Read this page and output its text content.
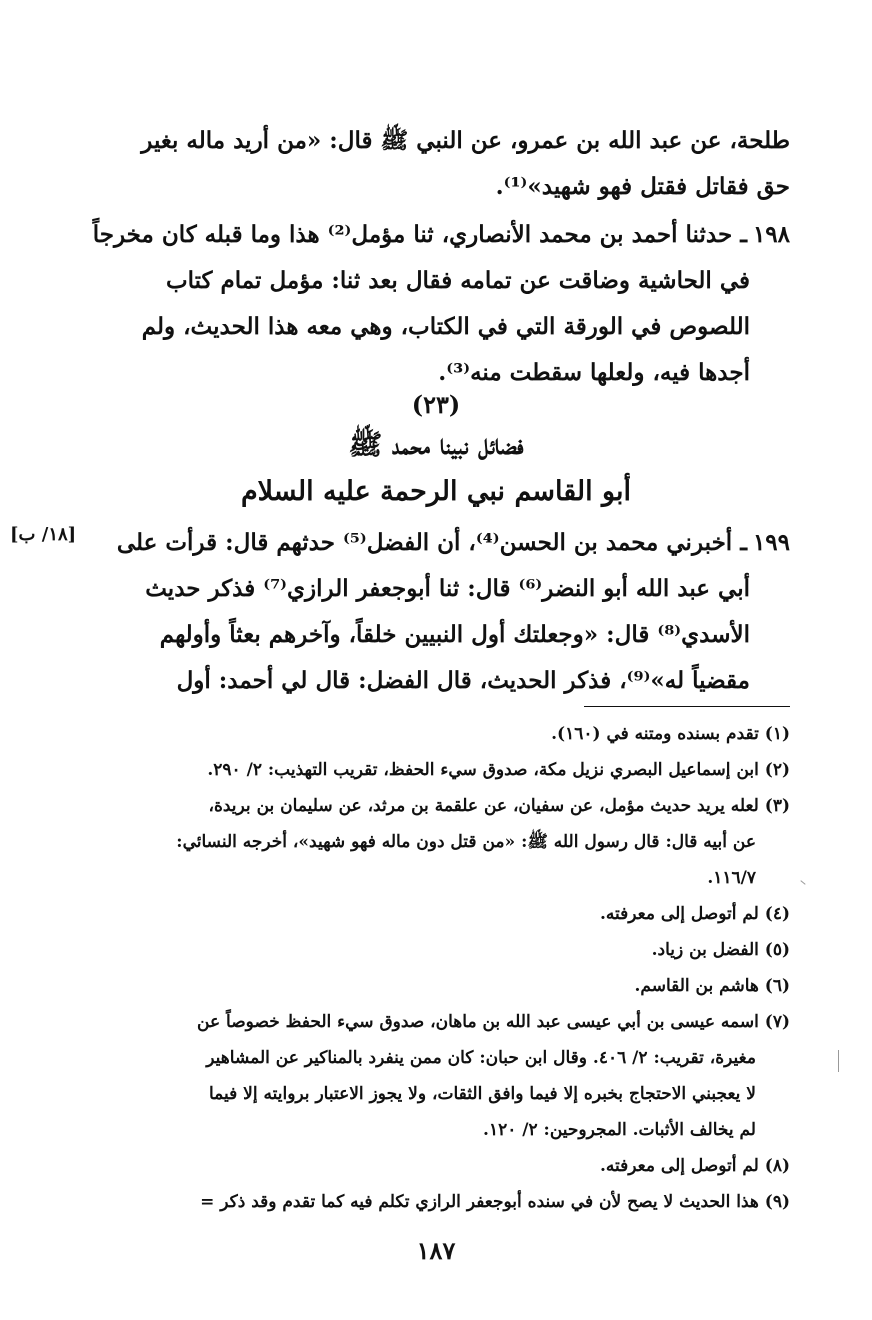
طلحة، عن عبد الله بن عمرو، عن النبي ﷺ قال: «من أريد ماله بغير
حق فقاتل فقتل فهو شهيد»⁽¹⁾.
١٩٨ـ حدثنا أحمد بن محمد الأنصاري، ثنا مؤمل⁽²⁾ هذا وما قبله كان مخرجاً
في الحاشية وضاقت عن تمامه فقال بعد ثنا: مؤمل تمام كتاب
اللصوص في الورقة التي في الكتاب، وهي معه هذا الحديث، ولم
أجدها فيه، ولعلها سقطت منه⁽³⁾.
(٢٣)
فضائل نبينا محمد ﷺ
أبو القاسم نبي الرحمة عليه السلام
[١٨/ ب]	١٩٩ـ أخبرني محمد بن الحسن⁽⁴⁾، أن الفضل⁽⁵⁾ حدثهم قال: قرأت على
أبي عبد الله أبو النضر⁽⁶⁾ قال: ثنا أبوجعفر الرازي⁽⁷⁾ فذكر حديث
الأسدي⁽⁸⁾ قال: «وجعلتك أول النبيين خلقاً، وآخرهم بعثاً وأولهم
مقضياً له»⁽⁹⁾، فذكر الحديث، قال الفضل: قال لي أحمد: أول
(١) تقدم بسنده ومتنه في (١٦٠).
(٢) ابن إسماعيل البصري نزيل مكة، صدوق سيء الحفظ، تقريب التهذيب: ٢/ ٢٩٠.
(٣) لعله يريد حديث مؤمل، عن سفيان، عن علقمة بن مرثد، عن سليمان بن بريدة،
عن أبيه قال: قال رسول الله ﷺ: «من قتل دون ماله فهو شهيد»، أخرجه النسائي:
١١٦/٧.
(٤) لم أتوصل إلى معرفته.
(٥) الفضل بن زياد.
(٦) هاشم بن القاسم.
(٧) اسمه عيسى بن أبي عيسى عبد الله بن ماهان، صدوق سيء الحفظ خصوصاً عن
مغيرة، تقريب: ٢/ ٤٠٦. وقال ابن حبان: كان ممن ينفرد بالمناكير عن المشاهير
لا يعجبني الاحتجاج بخبره إلا فيما وافق الثقات، ولا يجوز الاعتبار بروايته إلا فيما
لم يخالف الأثبات. المجروحين: ٢/ ١٢٠.
(٨) لم أتوصل إلى معرفته.
(٩) هذا الحديث لا يصح لأن في سنده أبوجعفر الرازي تكلم فيه كما تقدم وقد ذكر =
١٨٧
